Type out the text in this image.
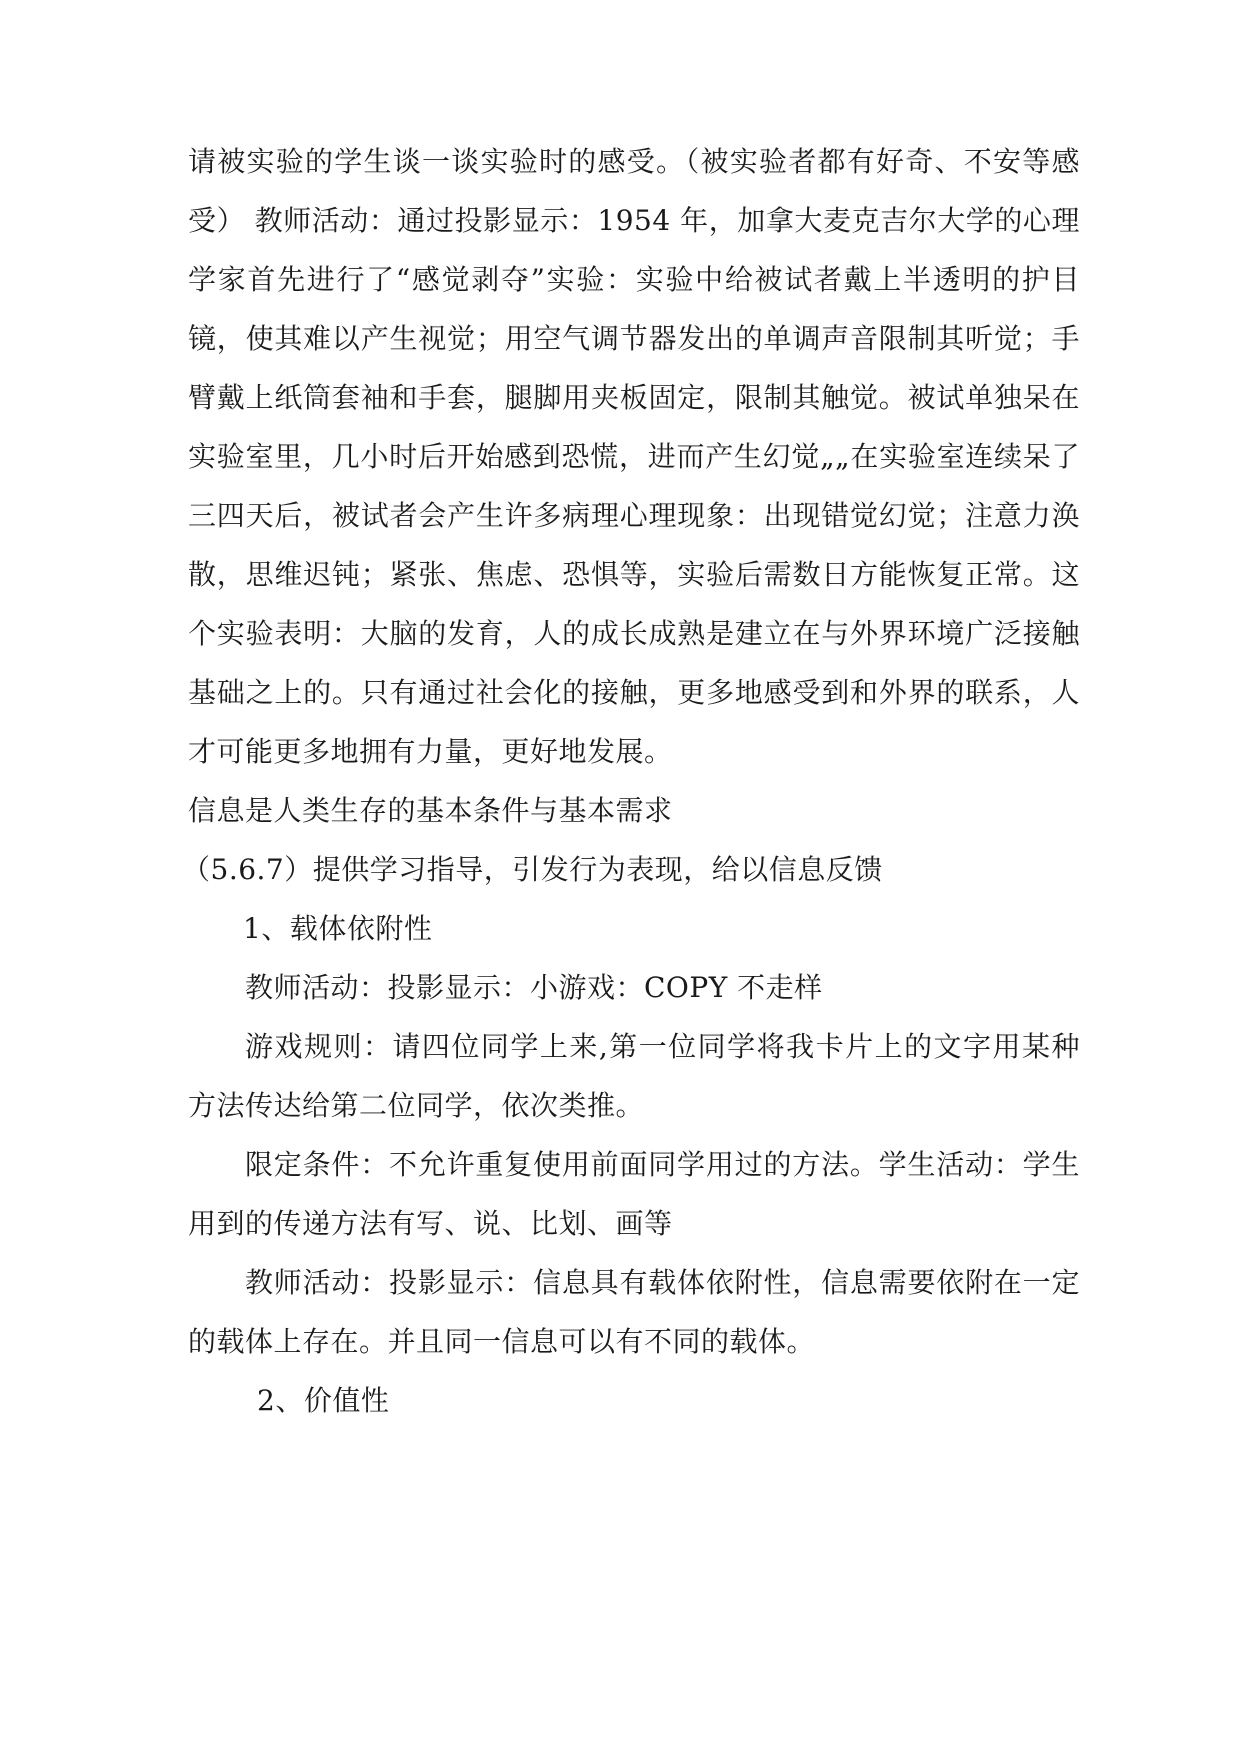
请被实验的学生谈一谈实验时的感受。（被实验者都有好奇、不安等感
受） 教师活动：通过投影显示：1954 年，加拿大麦克吉尔大学的心理
学家首先进行了“感觉剥夺”实验：实验中给被试者戴上半透明的护目
镜，使其难以产生视觉；用空气调节器发出的单调声音限制其听觉；手
臂戴上纸筒套袖和手套，腿脚用夹板固定，限制其触觉。被试单独呆在
实验室里，几小时后开始感到恐慌，进而产生幻觉„„在实验室连续呆了
三四天后，被试者会产生许多病理心理现象：出现错觉幻觉；注意力涣
散，思维迟钝；紧张、焦虑、恐惧等，实验后需数日方能恢复正常。这
个实验表明：大脑的发育，人的成长成熟是建立在与外界环境广泛接触
基础之上的。只有通过社会化的接触，更多地感受到和外界的联系，人
才可能更多地拥有力量，更好地发展。
信息是人类生存的基本条件与基本需求
（5.6.7）提供学习指导，引发行为表现，给以信息反馈
1、载体依附性
教师活动：投影显示：小游戏：COPY 不走样
游戏规则：请四位同学上来,第一位同学将我卡片上的文字用某种
方法传达给第二位同学，依次类推。
限定条件：不允许重复使用前面同学用过的方法。学生活动：学生
用到的传递方法有写、说、比划、画等
教师活动：投影显示：信息具有载体依附性，信息需要依附在一定
的载体上存在。并且同一信息可以有不同的载体。
2、价值性
